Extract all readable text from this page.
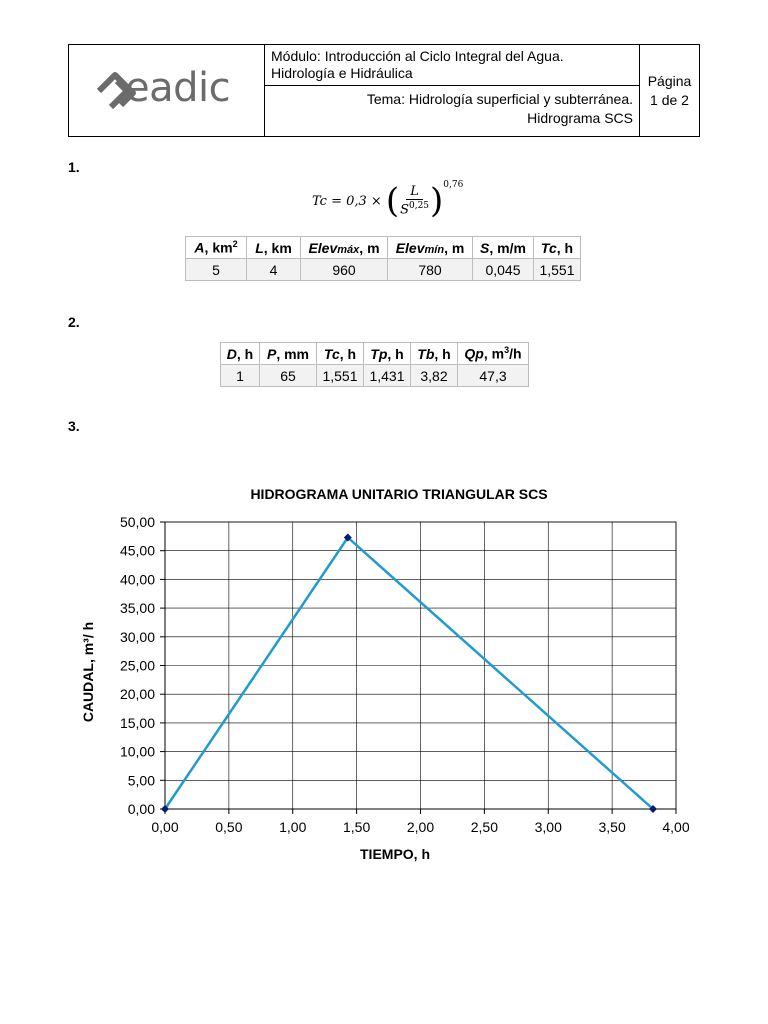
eadic
Módulo: Introducción al Ciclo Integral del Agua.
Hidrología e Hidráulica
Tema: Hidrología superficial y subterránea.
Hidrograma SCS
Página
1 de 2
1.
Tc = 0,3 × ( $\frac{L}{S^{0,25}}$ ) 0,76
A, $km^2$	L, km	Elevmáx, m	Elevmín, m	S, m/m	Tc, h
5	4	960	780	0,045	1,551
2.
D, h	P, mm	Tc, h	Tp, h	Tb, h	Qp, $m^3/h$
1	65	1,551	1,431	3,82	47,3
3.
HIDROGRAMA UNITARIO TRIANGULAR SCS
CAUDAL, m³/ h
TIEMPO, h
0,00
5,00
10,00
15,00
20,00
25,00
30,00
35,00
40,00
45,00
50,00
0,00	0,50	1,00	1,50	2,00	2,50	3,00	3,50	4,00
